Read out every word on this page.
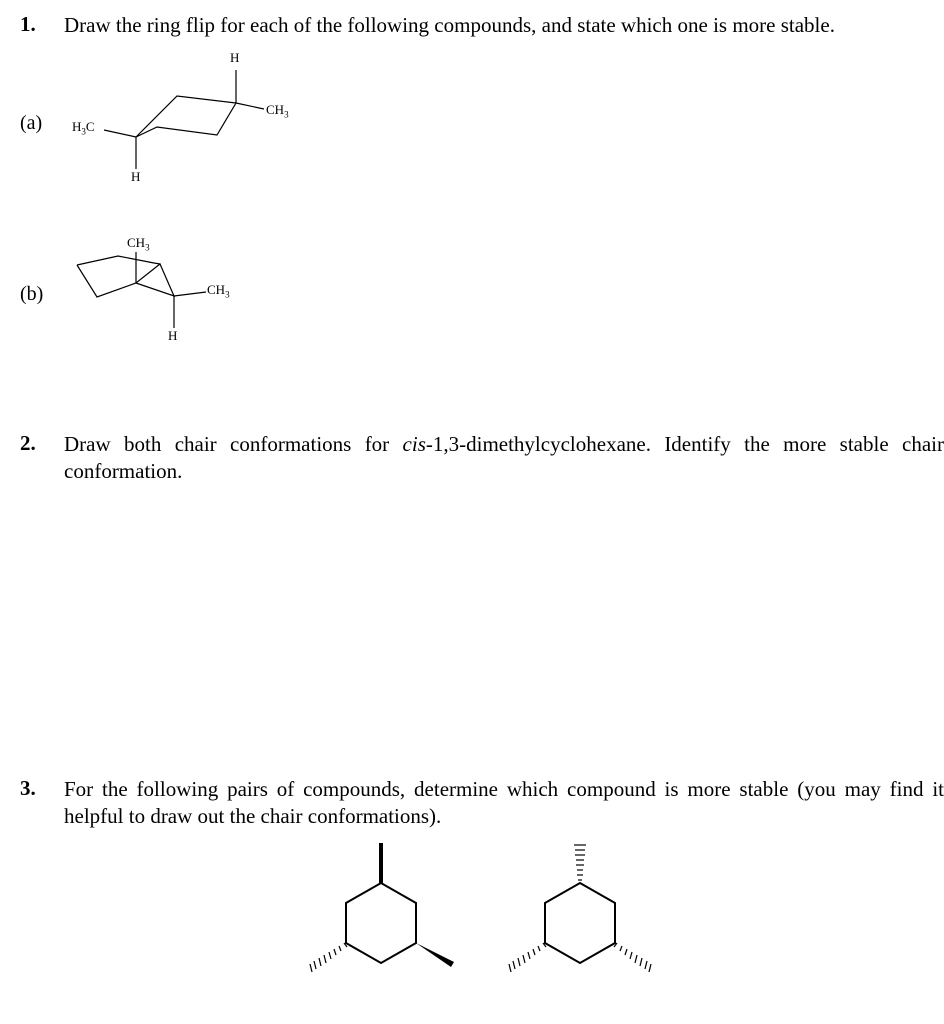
1. Draw the ring flip for each of the following compounds, and state which one is more stable.
(a)
(b)
2. Draw both chair conformations for cis-1,3-dimethylcyclohexane. Identify the more stable chair conformation.
3. For the following pairs of compounds, determine which compound is more stable (you may find it helpful to draw out the chair conformations).
H
$CH_3$
$H_3C$
H
$CH_3$
$CH_3$
H
